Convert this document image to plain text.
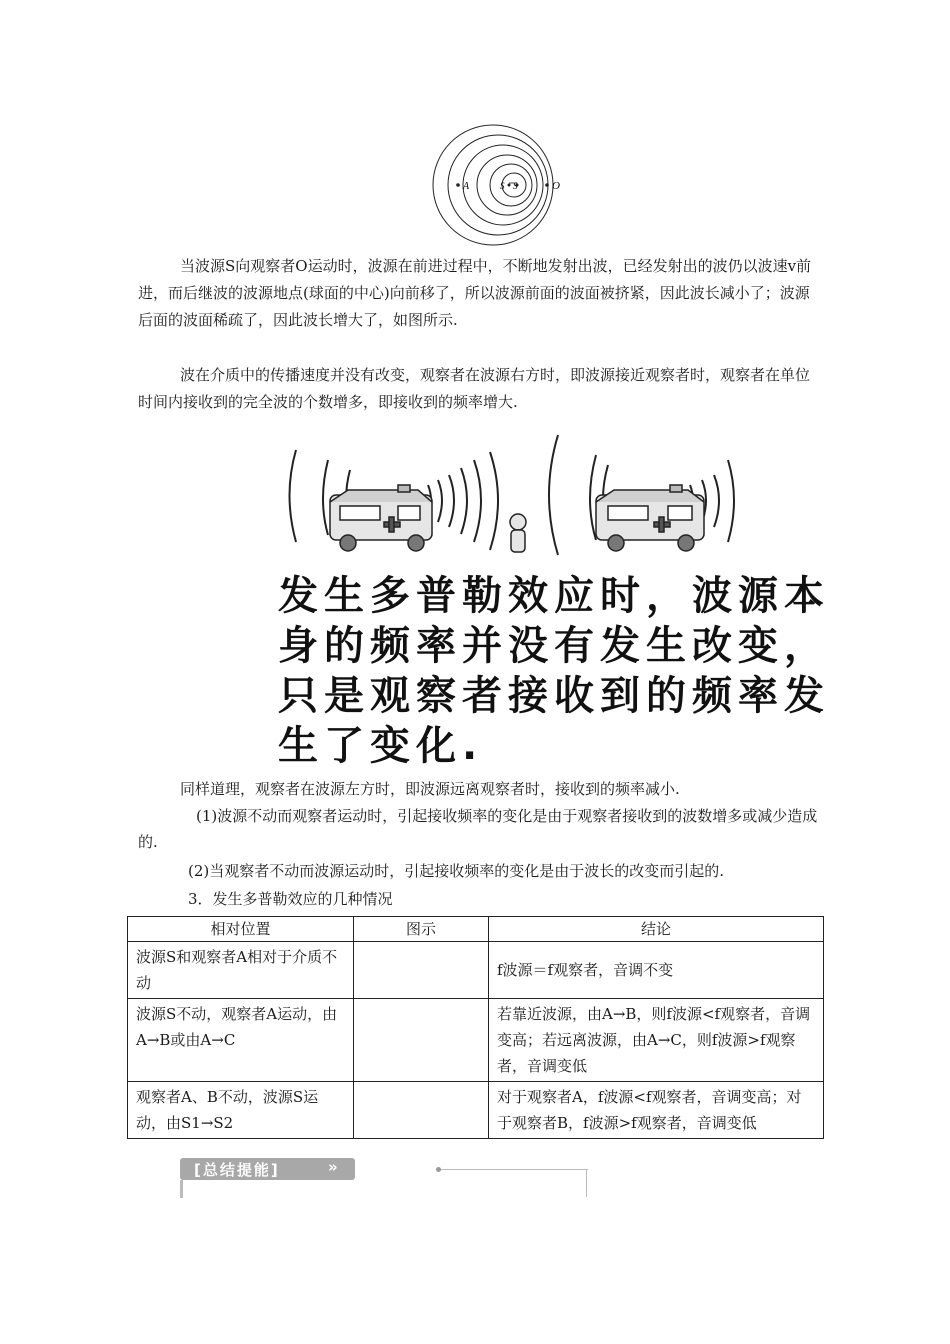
A	O
S S

当波源S向观察者O运动时，波源在前进过程中，不断地发射出波，已经发射出的波仍以波速v前进，而后继波的波源地点(球面的中心)向前移了，所以波源前面的波面被挤紧，因此波长减小了；波源后面的波面稀疏了，因此波长增大了，如图所示.

波在介质中的传播速度并没有改变，观察者在波源右方时，即波源接近观察者时，观察者在单位时间内接收到的完全波的个数增多，即接收到的频率增大.

发生多普勒效应时，波源本
身的频率并没有发生改变，
只是观察者接收到的频率发
生了变化.

同样道理，观察者在波源左方时，即波源远离观察者时，接收到的频率减小.

(1)波源不动而观察者运动时，引起接收频率的变化是由于观察者接收到的波数增多或减少造成的.

(2)当观察者不动而波源运动时，引起接收频率的变化是由于波长的改变而引起的.

3．发生多普勒效应的几种情况

相对位置	图示	结论
波源S和观察者A相对于介质不动		f波源＝f观察者，音调不变
波源S不动，观察者A运动，由A→B或由A→C		若靠近波源，由A→B，则f波源<f观察者，音调变高；若远离波源，由A→C，则f波源>f观察者，音调变低
观察者A、B不动，波源S运动，由S1→S2		对于观察者A，f波源<f观察者，音调变高；对于观察者B，f波源>f观察者，音调变低
[总结提能]	»
